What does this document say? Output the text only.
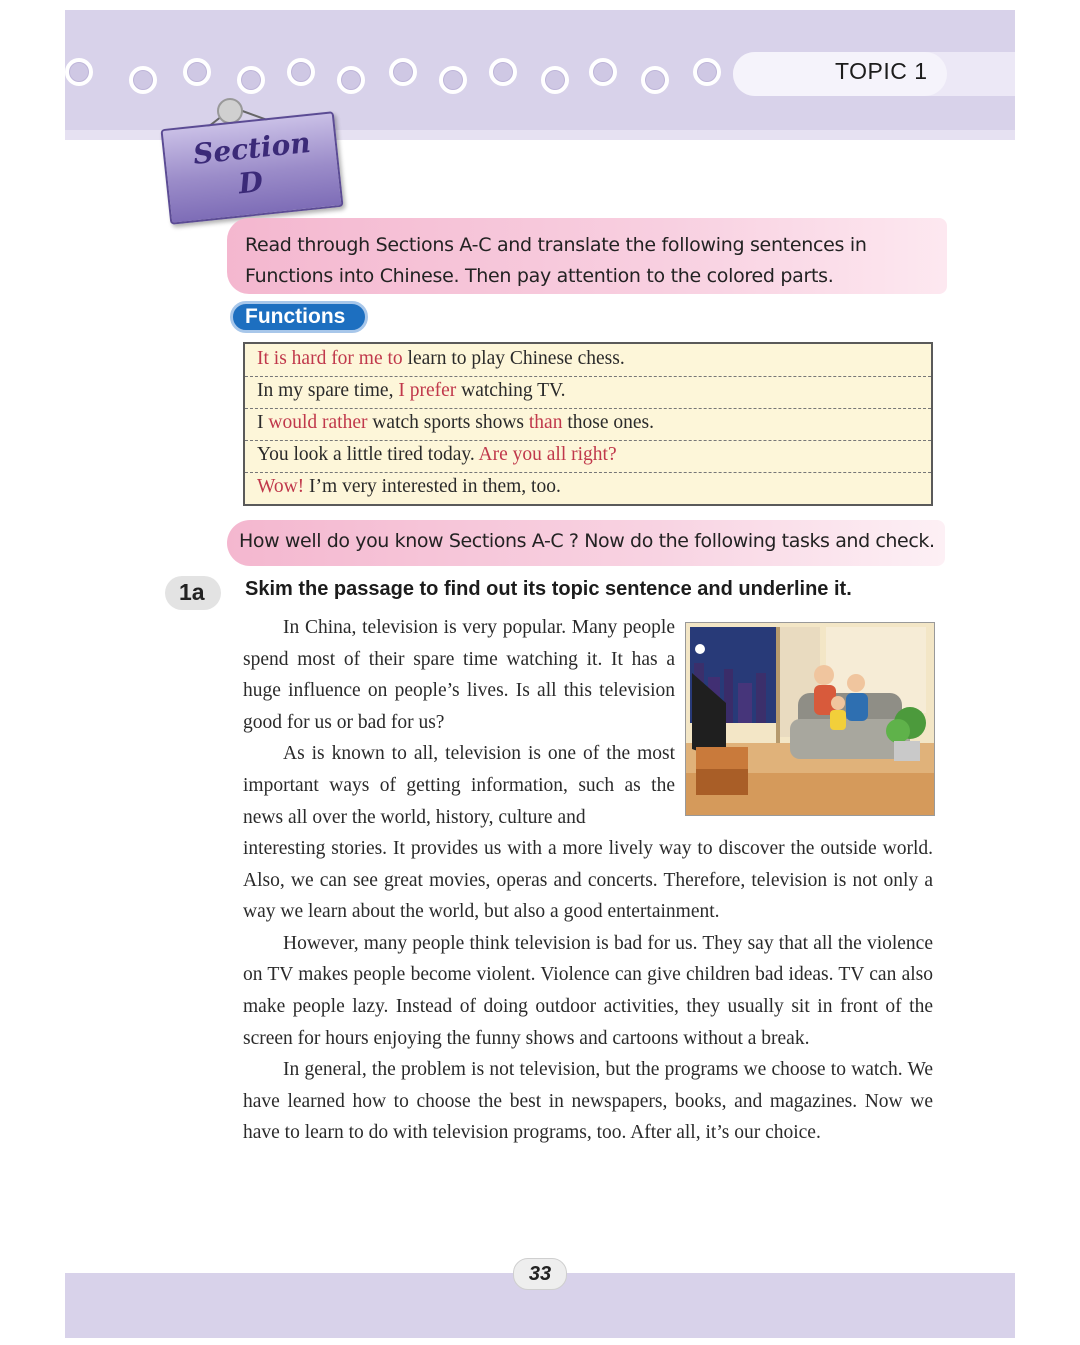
TOPIC 1
Section
D

Read through Sections A-C and translate the following sentences in Functions into Chinese. Then pay attention to the colored parts.

Functions
It is hard for me to learn to play Chinese chess.
In my spare time, I prefer watching TV.
I would rather watch sports shows than those ones.
You look a little tired today. Are you all right?
Wow! I’m very interested in them, too.
How well do you know Sections A-C ? Now do the following tasks and check.
1a Skim the passage to find out its topic sentence and underline it.

In China, television is very popular. Many people spend most of their spare time watching it. It has a huge influence on people’s lives. Is all this television good for us or bad for us?

As is known to all, television is one of the most important ways of getting information, such as the news all over the world, history, culture and

interesting stories. It provides us with a more lively way to discover the outside world. Also, we can see great movies, operas and concerts. Therefore, television is not only a way we learn about the world, but also a good entertainment.

However, many people think television is bad for us. They say that all the violence on TV makes people become violent. Violence can give children bad ideas. TV can also make people lazy. Instead of doing outdoor activities, they usually sit in front of the screen for hours enjoying the funny shows and cartoons without a break.

In general, the problem is not television, but the programs we choose to watch. We have learned how to choose the best in newspapers, books, and magazines. Now we have to learn to do with television programs, too. After all, it’s our choice.

33
